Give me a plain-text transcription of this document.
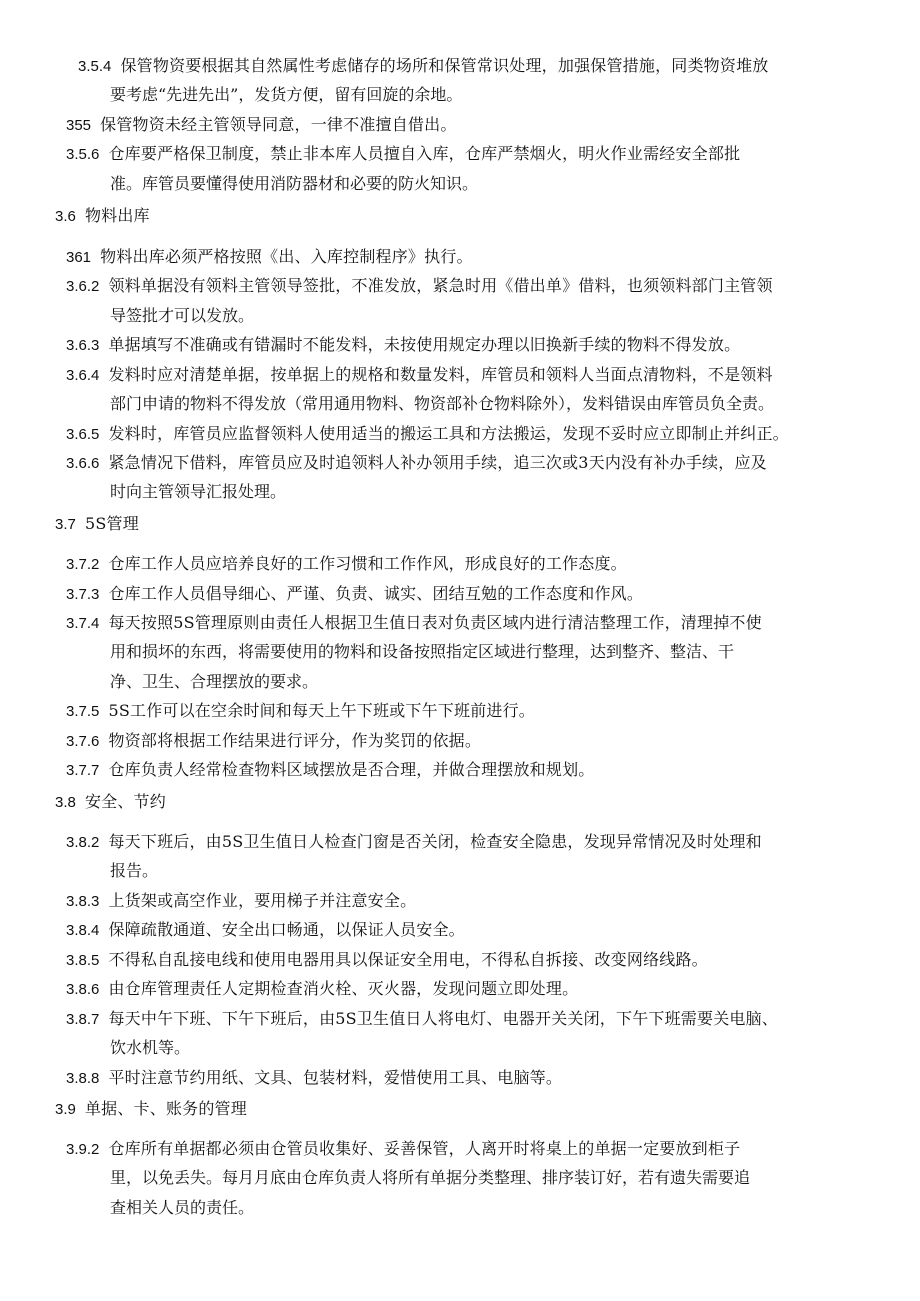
3.5.4 保管物资要根据其自然属性考虑储存的场所和保管常识处理，加强保管措施，同类物资堆放
要考虑“先进先出”，发货方便，留有回旋的余地。
355 保管物资未经主管领导同意，一律不准擅自借出。
3.5.6 仓库要严格保卫制度，禁止非本库人员擅自入库，仓库严禁烟火，明火作业需经安全部批
准。库管员要懂得使用消防器材和必要的防火知识。
3.6 物料出库
361 物料出库必须严格按照《出、入库控制程序》执行。
3.6.2 领料单据没有领料主管领导签批，不准发放，紧急时用《借出单》借料，也须领料部门主管领
导签批才可以发放。
3.6.3 单据填写不准确或有错漏时不能发料，未按使用规定办理以旧换新手续的物料不得发放。
3.6.4 发料时应对清楚单据，按单据上的规格和数量发料，库管员和领料人当面点清物料，不是领料
部门申请的物料不得发放（常用通用物料、物资部补仓物料除外），发料错误由库管员负全责。
3.6.5 发料时，库管员应监督领料人使用适当的搬运工具和方法搬运，发现不妥时应立即制止并纠正。
3.6.6 紧急情况下借料，库管员应及时追领料人补办领用手续，追三次或3天内没有补办手续，应及
时向主管领导汇报处理。
3.7 5S管理
3.7.2 仓库工作人员应培养良好的工作习惯和工作作风，形成良好的工作态度。
3.7.3 仓库工作人员倡导细心、严谨、负责、诚实、团结互勉的工作态度和作风。
3.7.4 每天按照5S管理原则由责任人根据卫生值日表对负责区域内进行清洁整理工作，清理掉不使
用和损坏的东西，将需要使用的物料和设备按照指定区域进行整理，达到整齐、整洁、干
净、卫生、合理摆放的要求。
3.7.5 5S工作可以在空余时间和每天上午下班或下午下班前进行。
3.7.6 物资部将根据工作结果进行评分，作为奖罚的依据。
3.7.7 仓库负责人经常检查物料区域摆放是否合理，并做合理摆放和规划。
3.8 安全、节约
3.8.2 每天下班后，由5S卫生值日人检查门窗是否关闭，检查安全隐患，发现异常情况及时处理和
报告。
3.8.3 上货架或高空作业，要用梯子并注意安全。
3.8.4 保障疏散通道、安全出口畅通，以保证人员安全。
3.8.5 不得私自乱接电线和使用电器用具以保证安全用电，不得私自拆接、改变网络线路。
3.8.6 由仓库管理责任人定期检查消火栓、灭火器，发现问题立即处理。
3.8.7 每天中午下班、下午下班后，由5S卫生值日人将电灯、电器开关关闭，下午下班需要关电脑、
饮水机等。
3.8.8 平时注意节约用纸、文具、包装材料，爱惜使用工具、电脑等。
3.9 单据、卡、账务的管理
3.9.2 仓库所有单据都必须由仓管员收集好、妥善保管，人离开时将桌上的单据一定要放到柜子
里，以免丢失。每月月底由仓库负责人将所有单据分类整理、排序装订好，若有遗失需要追
查相关人员的责任。
